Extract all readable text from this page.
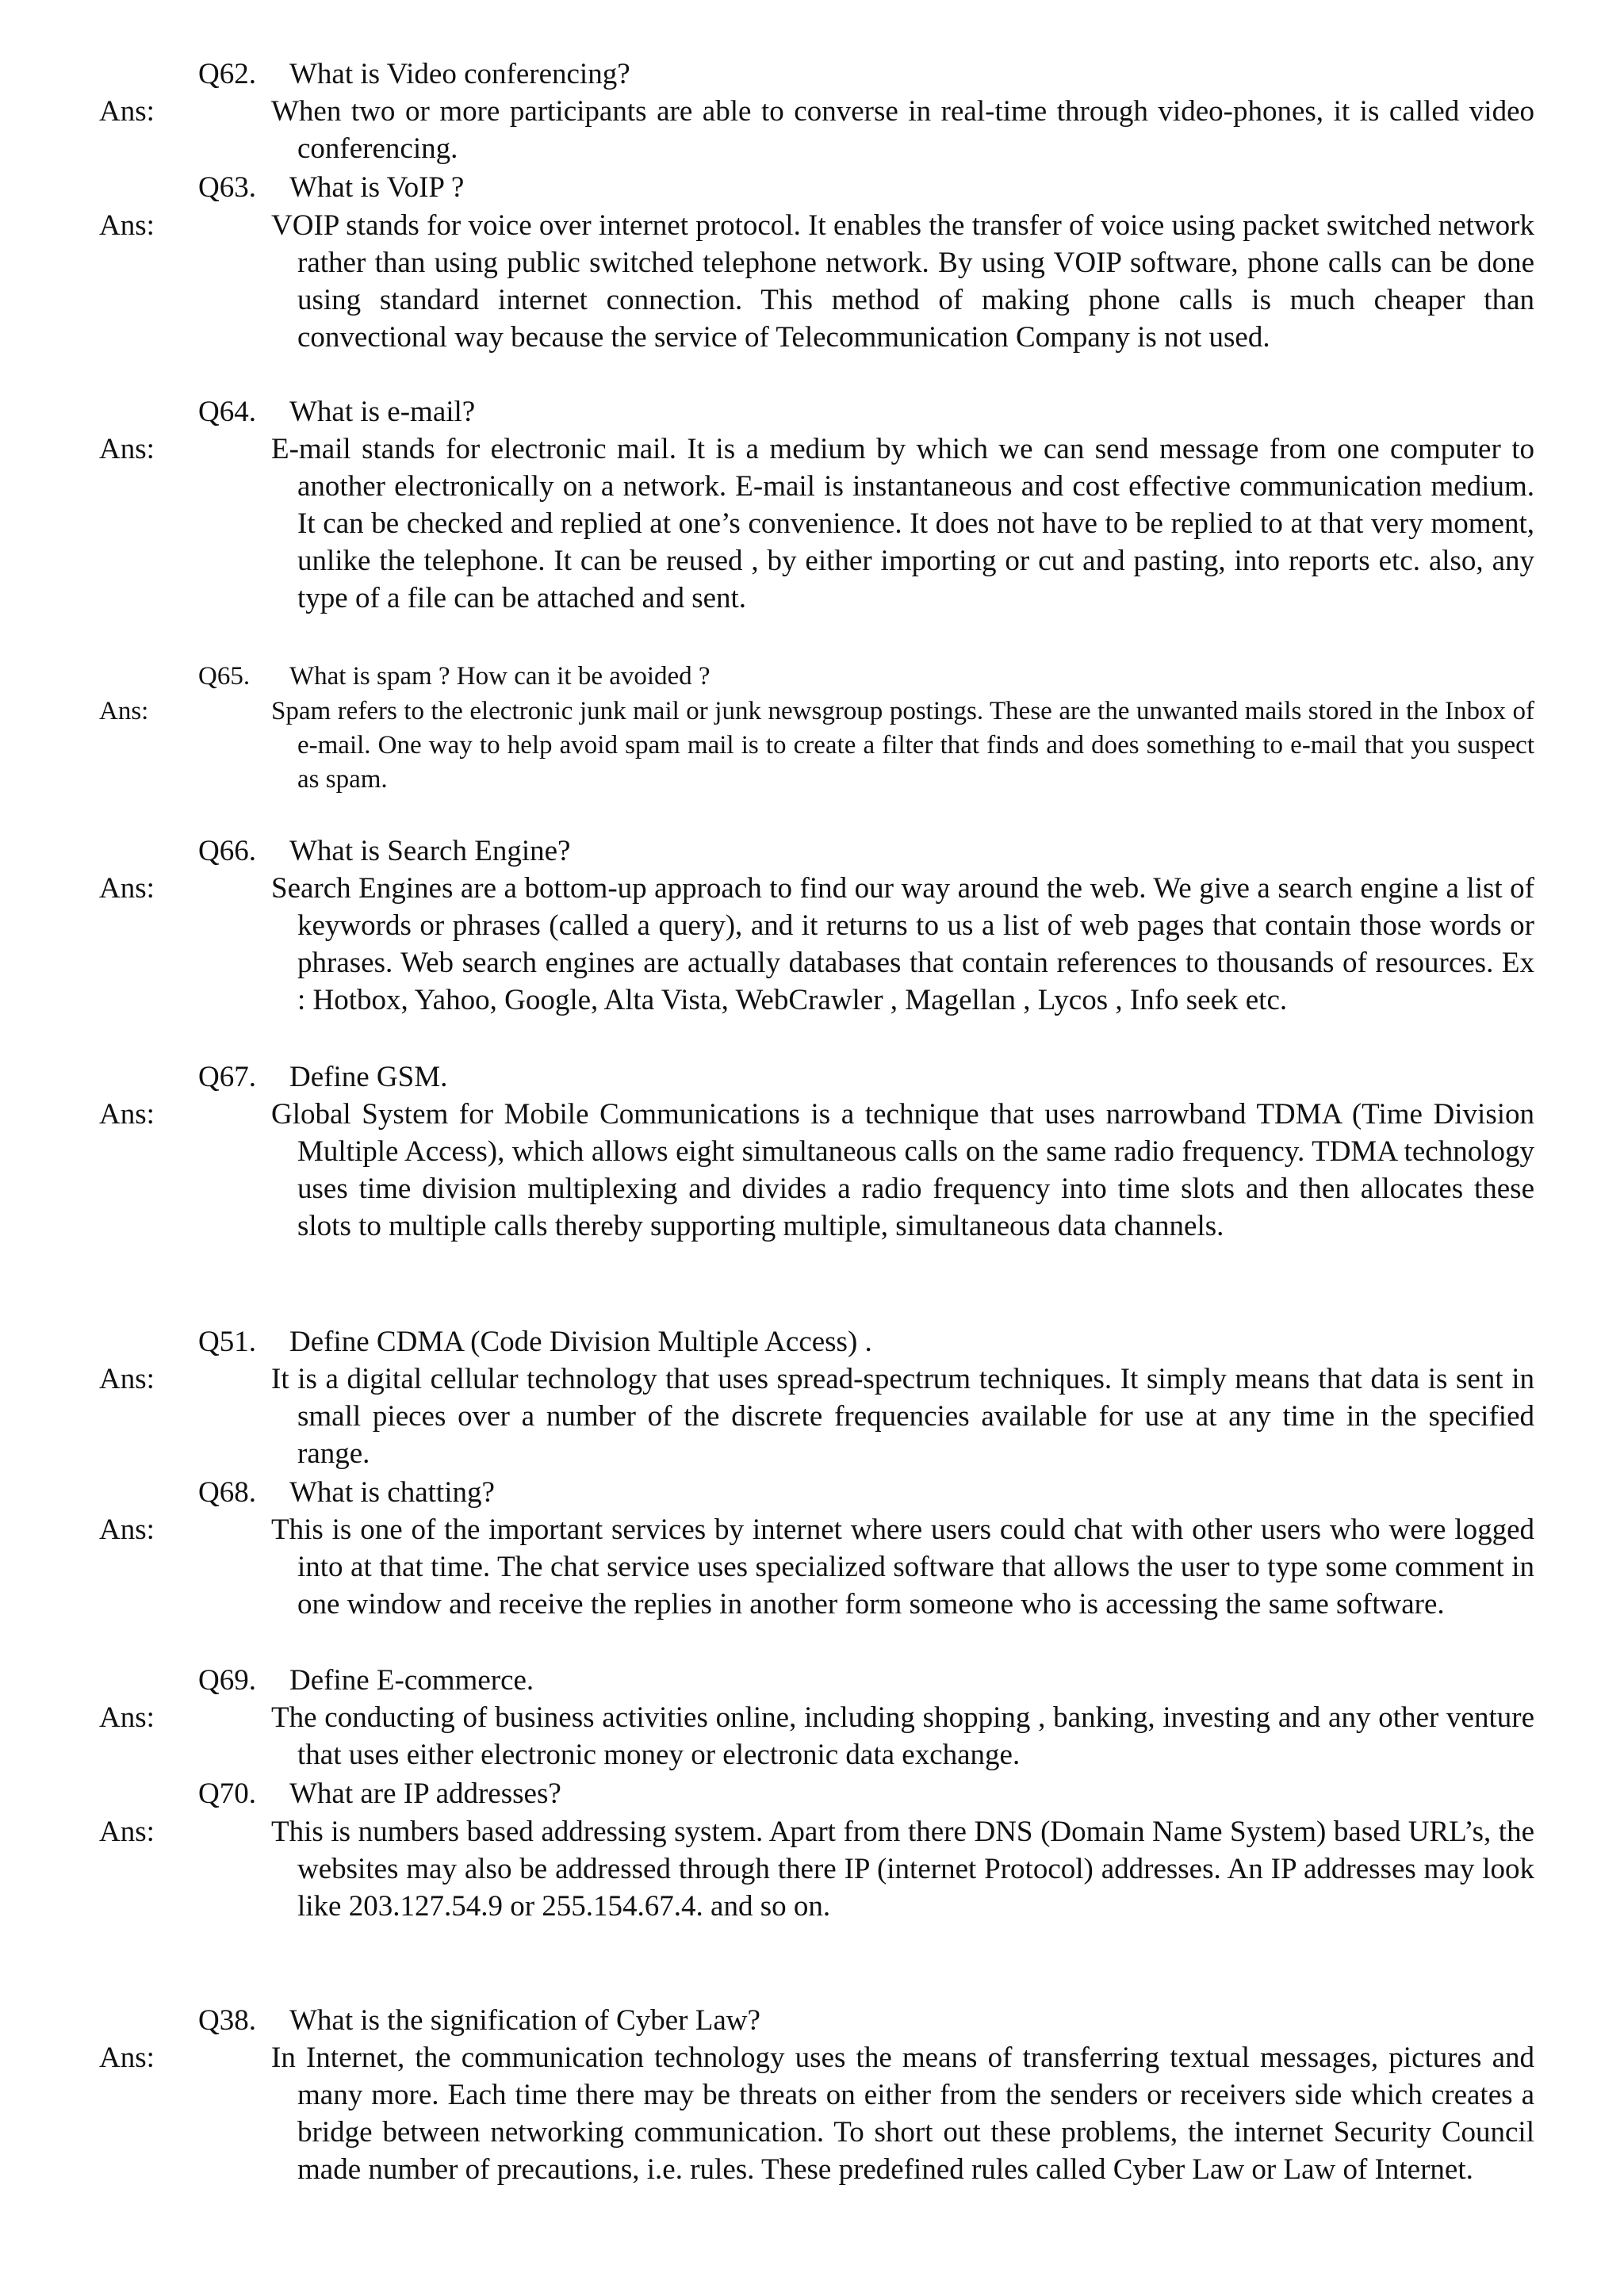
Q62. What is Video conferencing?
Ans:	When two or more participants are able to converse in real-time through video-phones, it is called video conferencing.
Q63. What is VoIP ?
Ans:	VOIP stands for voice over internet protocol. It enables the transfer of voice using packet switched network rather than using public switched telephone network. By using VOIP software, phone calls can be done using standard internet connection. This method of making phone calls is much cheaper than convectional way because the service of Telecommunication Company is not used.
Q64. What is e-mail?
Ans:	E-mail stands for electronic mail. It is a medium by which we can send message from one computer to another electronically on a network. E-mail is instantaneous and cost effective communication medium. It can be checked and replied at one’s convenience. It does not have to be replied to at that very moment, unlike the telephone. It can be reused , by either importing or cut and pasting, into reports etc. also, any type of a file can be attached and sent.
Q65. What is spam ? How can it be avoided ?
Ans:	Spam refers to the electronic junk mail or junk newsgroup postings. These are the unwanted mails stored in the Inbox of e-mail. One way to help avoid spam mail is to create a filter that finds and does something to e-mail that you suspect as spam.
Q66. What is Search Engine?
Ans:	Search Engines are a bottom-up approach to find our way around the web. We give a search engine a list of keywords or phrases (called a query), and it returns to us a list of web pages that contain those words or phrases. Web search engines are actually databases that contain references to thousands of resources. Ex : Hotbox, Yahoo, Google, Alta Vista, WebCrawler , Magellan , Lycos , Info seek etc.
Q67. Define GSM.
Ans:	Global System for Mobile Communications is a technique that uses narrowband TDMA (Time Division Multiple Access), which allows eight simultaneous calls on the same radio frequency. TDMA technology uses time division multiplexing and divides a radio frequency into time slots and then allocates these slots to multiple calls thereby supporting multiple, simultaneous data channels.
Q51. Define CDMA (Code Division Multiple Access) .
Ans:	It is a digital cellular technology that uses spread-spectrum techniques. It simply means that data is sent in small pieces over a number of the discrete frequencies available for use at any time in the specified range.
Q68. What is chatting?
Ans:	This is one of the important services by internet where users could chat with other users who were logged into at that time. The chat service uses specialized software that allows the user to type some comment in one window and receive the replies in another form someone who is accessing the same software.
Q69. Define E-commerce.
Ans:	The conducting of business activities online, including shopping , banking, investing and any other venture that uses either electronic money or electronic data exchange.
Q70. What are IP addresses?
Ans:	This is numbers based addressing system. Apart from there DNS (Domain Name System) based URL’s, the websites may also be addressed through there IP (internet Protocol) addresses. An IP addresses may look like 203.127.54.9 or 255.154.67.4. and so on.
Q38. What is the signification of Cyber Law?
Ans:	In Internet, the communication technology uses the means of transferring textual messages, pictures and many more. Each time there may be threats on either from the senders or receivers side which creates a bridge between networking communication. To short out these problems, the internet Security Council made number of precautions, i.e. rules. These predefined rules called Cyber Law or Law of Internet.
